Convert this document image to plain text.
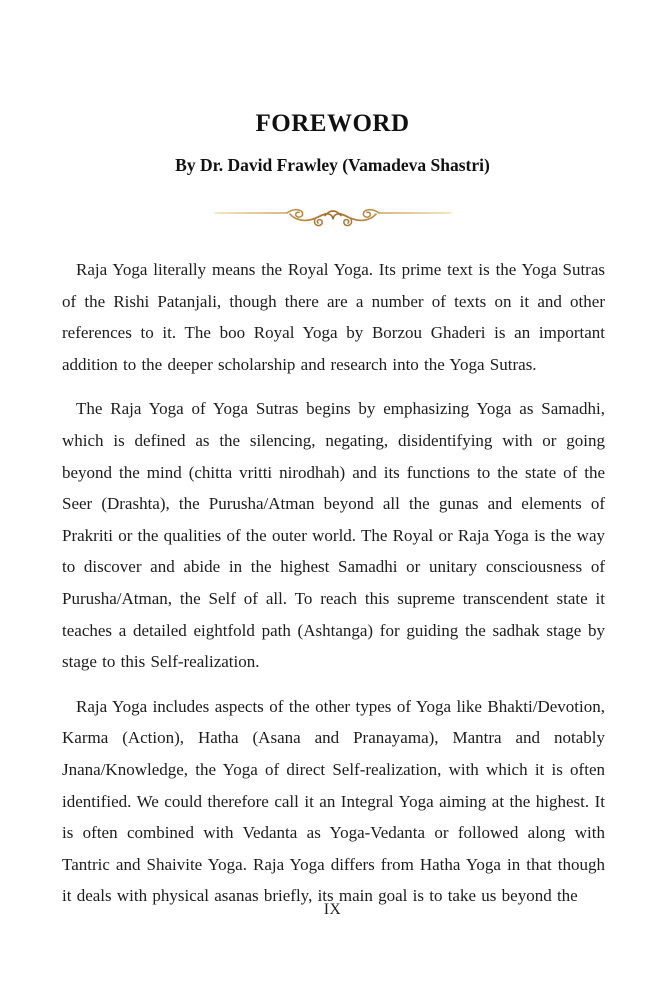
FOREWORD
By Dr. David Frawley (Vamadeva Shastri)

Raja Yoga literally means the Royal Yoga. Its prime text is the Yoga Sutras of the Rishi Patanjali, though there are a number of texts on it and other references to it. The boo Royal Yoga by Borzou Ghaderi is an important addition to the deeper scholarship and research into the Yoga Sutras.

The Raja Yoga of Yoga Sutras begins by emphasizing Yoga as Samadhi, which is defined as the silencing, negating, disidentifying with or going beyond the mind (chitta vritti nirodhah) and its functions to the state of the Seer (Drashta), the Purusha/Atman beyond all the gunas and elements of Prakriti or the qualities of the outer world. The Royal or Raja Yoga is the way to discover and abide in the highest Samadhi or unitary consciousness of Purusha/Atman, the Self of all. To reach this supreme transcendent state it teaches a detailed eightfold path (Ashtanga) for guiding the sadhak stage by stage to this Self-realization.

Raja Yoga includes aspects of the other types of Yoga like Bhakti/Devotion, Karma (Action), Hatha (Asana and Pranayama), Mantra and notably Jnana/Knowledge, the Yoga of direct Self-realization, with which it is often identified. We could therefore call it an Integral Yoga aiming at the highest. It is often combined with Vedanta as Yoga-Vedanta or followed along with Tantric and Shaivite Yoga. Raja Yoga differs from Hatha Yoga in that though it deals with physical asanas briefly, its main goal is to take us beyond the

IX
